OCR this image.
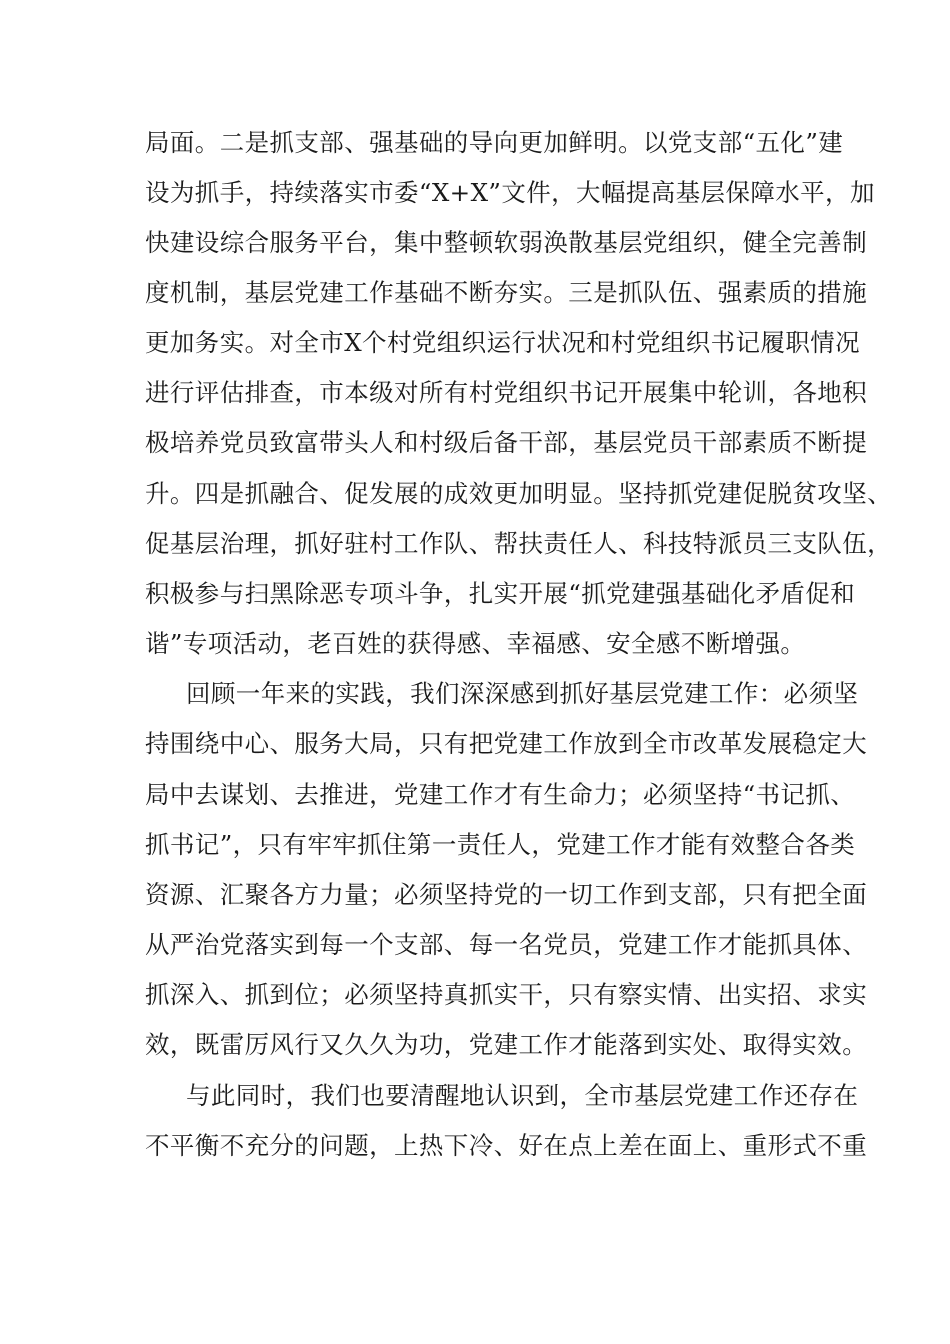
局面。二是抓支部、强基础的导向更加鲜明。以党支部“五化”建
设为抓手，持续落实市委“X+X”文件，大幅提高基层保障水平，加
快建设综合服务平台，集中整顿软弱涣散基层党组织，健全完善制
度机制，基层党建工作基础不断夯实。三是抓队伍、强素质的措施
更加务实。对全市X个村党组织运行状况和村党组织书记履职情况
进行评估排查，市本级对所有村党组织书记开展集中轮训，各地积
极培养党员致富带头人和村级后备干部，基层党员干部素质不断提
升。四是抓融合、促发展的成效更加明显。坚持抓党建促脱贫攻坚、
促基层治理，抓好驻村工作队、帮扶责任人、科技特派员三支队伍，
积极参与扫黑除恶专项斗争，扎实开展“抓党建强基础化矛盾促和
谐”专项活动，老百姓的获得感、幸福感、安全感不断增强。
回顾一年来的实践，我们深深感到抓好基层党建工作：必须坚
持围绕中心、服务大局，只有把党建工作放到全市改革发展稳定大
局中去谋划、去推进，党建工作才有生命力；必须坚持“书记抓、
抓书记”，只有牢牢抓住第一责任人，党建工作才能有效整合各类
资源、汇聚各方力量；必须坚持党的一切工作到支部，只有把全面
从严治党落实到每一个支部、每一名党员，党建工作才能抓具体、
抓深入、抓到位；必须坚持真抓实干，只有察实情、出实招、求实
效，既雷厉风行又久久为功，党建工作才能落到实处、取得实效。
与此同时，我们也要清醒地认识到，全市基层党建工作还存在
不平衡不充分的问题，上热下冷、好在点上差在面上、重形式不重
